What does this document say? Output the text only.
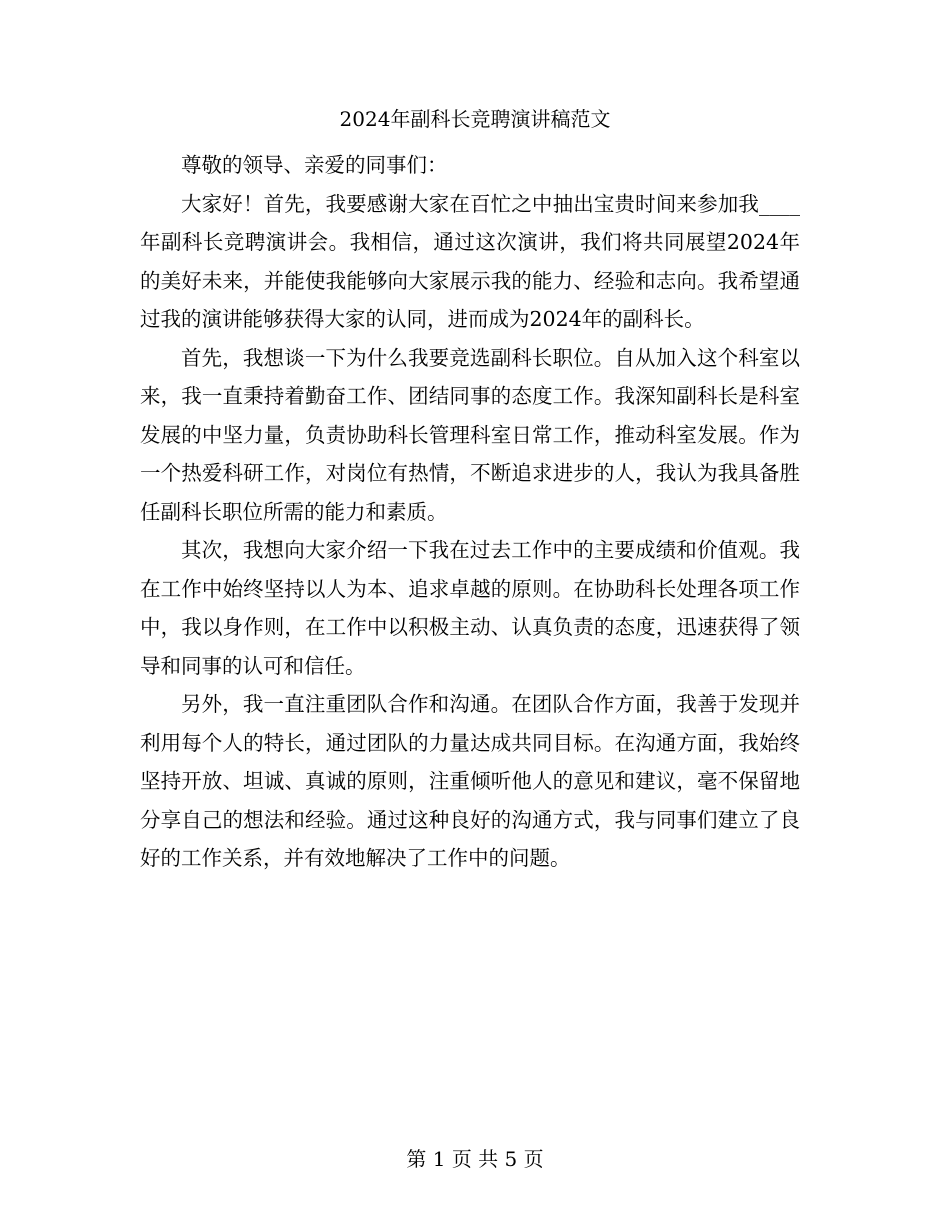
2024年副科长竞聘演讲稿范文

尊敬的领导、亲爱的同事们：

大家好！首先，我要感谢大家在百忙之中抽出宝贵时间来参加我____年副科长竞聘演讲会。我相信，通过这次演讲，我们将共同展望2024年的美好未来，并能使我能够向大家展示我的能力、经验和志向。我希望通过我的演讲能够获得大家的认同，进而成为2024年的副科长。

首先，我想谈一下为什么我要竞选副科长职位。自从加入这个科室以来，我一直秉持着勤奋工作、团结同事的态度工作。我深知副科长是科室发展的中坚力量，负责协助科长管理科室日常工作，推动科室发展。作为一个热爱科研工作，对岗位有热情，不断追求进步的人，我认为我具备胜任副科长职位所需的能力和素质。

其次，我想向大家介绍一下我在过去工作中的主要成绩和价值观。我在工作中始终坚持以人为本、追求卓越的原则。在协助科长处理各项工作中，我以身作则，在工作中以积极主动、认真负责的态度，迅速获得了领导和同事的认可和信任。

另外，我一直注重团队合作和沟通。在团队合作方面，我善于发现并利用每个人的特长，通过团队的力量达成共同目标。在沟通方面，我始终坚持开放、坦诚、真诚的原则，注重倾听他人的意见和建议，毫不保留地分享自己的想法和经验。通过这种良好的沟通方式，我与同事们建立了良好的工作关系，并有效地解决了工作中的问题。

第 1 页 共 5 页
